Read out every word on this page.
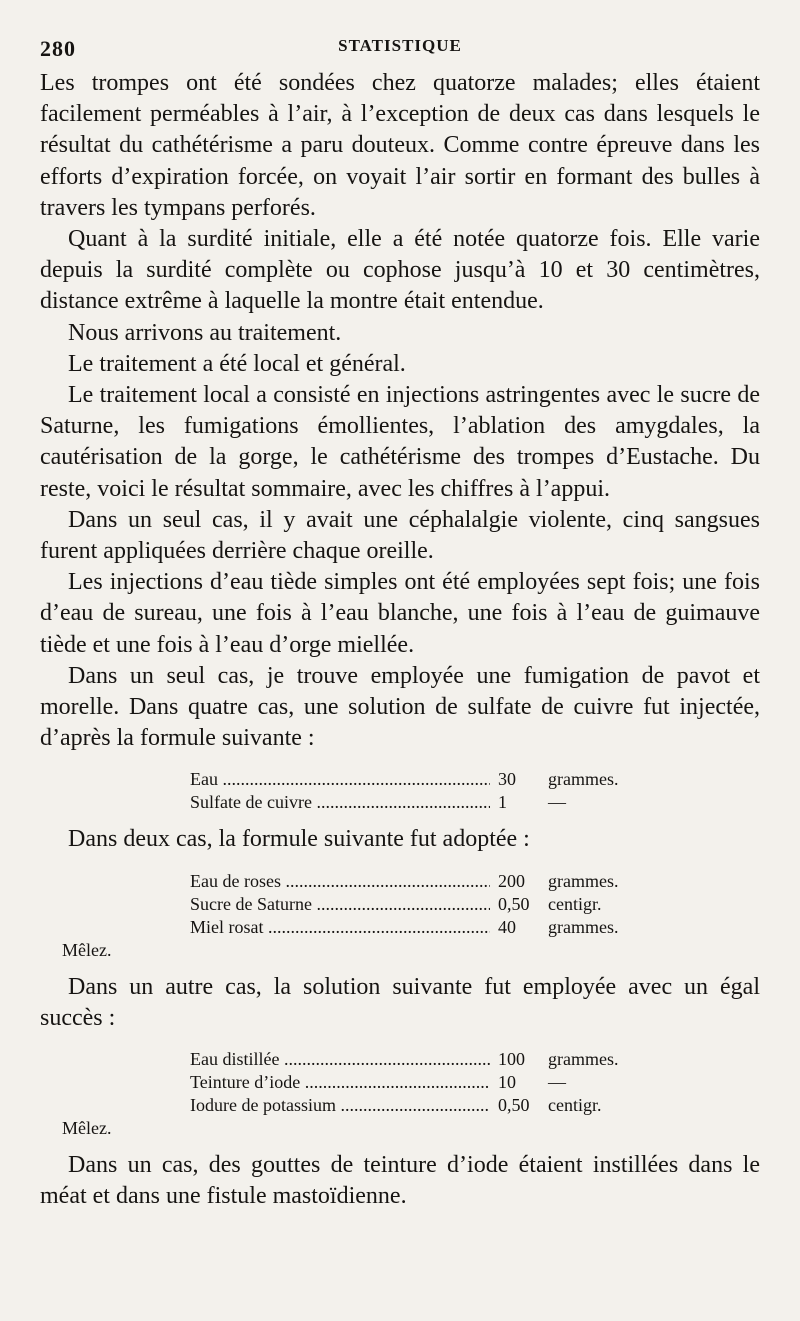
280	STATISTIQUE

Les trompes ont été sondées chez quatorze malades; elles étaient facilement perméables à l’air, à l’exception de deux cas dans lesquels le résultat du cathétérisme a paru douteux. Comme contre épreuve dans les efforts d’expiration forcée, on voyait l’air sortir en formant des bulles à travers les tympans perforés.

Quant à la surdité initiale, elle a été notée quatorze fois. Elle varie depuis la surdité complète ou cophose jusqu’à 10 et 30 centimètres, distance extrême à laquelle la montre était entendue.

Nous arrivons au traitement.

Le traitement a été local et général.

Le traitement local a consisté en injections astringentes avec le sucre de Saturne, les fumigations émollientes, l’ablation des amygdales, la cautérisation de la gorge, le cathétérisme des trompes d’Eustache. Du reste, voici le résultat sommaire, avec les chiffres à l’appui.

Dans un seul cas, il y avait une céphalalgie violente, cinq sangsues furent appliquées derrière chaque oreille.

Les injections d’eau tiède simples ont été employées sept fois; une fois d’eau de sureau, une fois à l’eau blanche, une fois à l’eau de guimauve tiède et une fois à l’eau d’orge miellée.

Dans un seul cas, je trouve employée une fumigation de pavot et morelle. Dans quatre cas, une solution de sulfate de cuivre fut injectée, d’après la formule suivante :

Eau .....	30	grammes.
Sulfate de cuivre .....	1	—

Dans deux cas, la formule suivante fut adoptée :

Eau de roses .....	200	grammes.
Sucre de Saturne .....	0,50	centigr.
Miel rosat .....	40	grammes.
Mêlez.

Dans un autre cas, la solution suivante fut employée avec un égal succès :

Eau distillée .....	100	grammes.
Teinture d’iode .....	10	—
Iodure de potassium .....	0,50	centigr.
Mêlez.

Dans un cas, des gouttes de teinture d’iode étaient instillées dans le méat et dans une fistule mastoïdienne.
